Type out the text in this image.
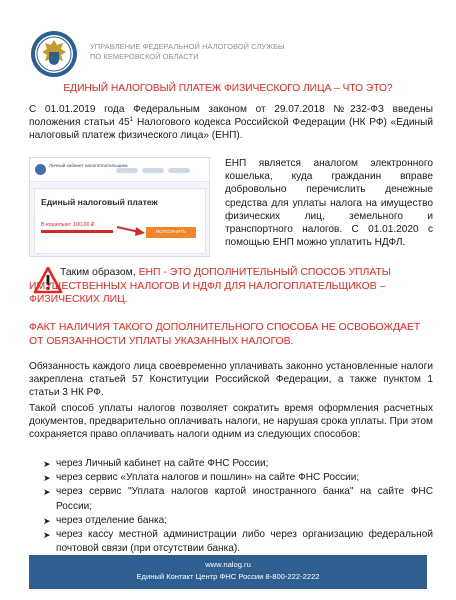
УПРАВЛЕНИЕ ФЕДЕРАЛЬНОЙ НАЛОГОВОЙ СЛУЖБЫ
ПО КЕМЕРОВСКОЙ ОБЛАСТИ
ЕДИНЫЙ НАЛОГОВЫЙ ПЛАТЕЖ ФИЗИЧЕСКОГО ЛИЦА – ЧТО ЭТО?

С 01.01.2019 года Федеральным законом от 29.07.2018 №232-ФЗ введены положения статьи $45^1$ Налогового кодекса Российской Федерации (НК РФ) «Единый налоговый платеж физического лица» (ЕНП).

Личный кабинет налогоплательщика
Единый налоговый платеж
В кошельке: 100,00 ₽
ПОПОЛНИТЬ

ЕНП является аналогом электронного кошелька, куда гражданин вправе добровольно перечислить денежные средства для уплаты налога на имущество физических лиц, земельного и транспортного налогов. С 01.01.2020 с помощью ЕНП можно уплатить НДФЛ.

Таким образом, ЕНП - ЭТО ДОПОЛНИТЕЛЬНЫЙ СПОСОБ УПЛАТЫ ИМУЩЕСТВЕННЫХ НАЛОГОВ И НДФЛ ДЛЯ НАЛОГОПЛАТЕЛЬЩИКОВ – ФИЗИЧЕСКИХ ЛИЦ.

ФАКТ НАЛИЧИЯ ТАКОГО ДОПОЛНИТЕЛЬНОГО СПОСОБА НЕ ОСВОБОЖДАЕТ ОТ ОБЯЗАННОСТИ УПЛАТЫ УКАЗАННЫХ НАЛОГОВ.

Обязанность каждого лица своевременно уплачивать законно установленные налоги закреплена статьей 57 Конституции Российской Федерации, а также пунктом 1 статьи 3 НК РФ.

Такой способ уплаты налогов позволяет сократить время оформления расчетных документов, предварительно оплачивать налоги, не нарушая срока уплаты. При этом сохраняется право оплачивать налоги одним из следующих способов:

➤ через Личный кабинет на сайте ФНС России;
➤ через сервис «Уплата налогов и пошлин» на сайте ФНС России;
➤ через сервис "Уплата налогов картой иностранного банка" на сайте ФНС России;
➤ через отделение банка;
➤ через кассу местной администрации либо через организацию федеральной почтовой связи (при отсутствии банка).
www.nalog.ru
Единый Контакт Центр ФНС России 8-800-222-2222
